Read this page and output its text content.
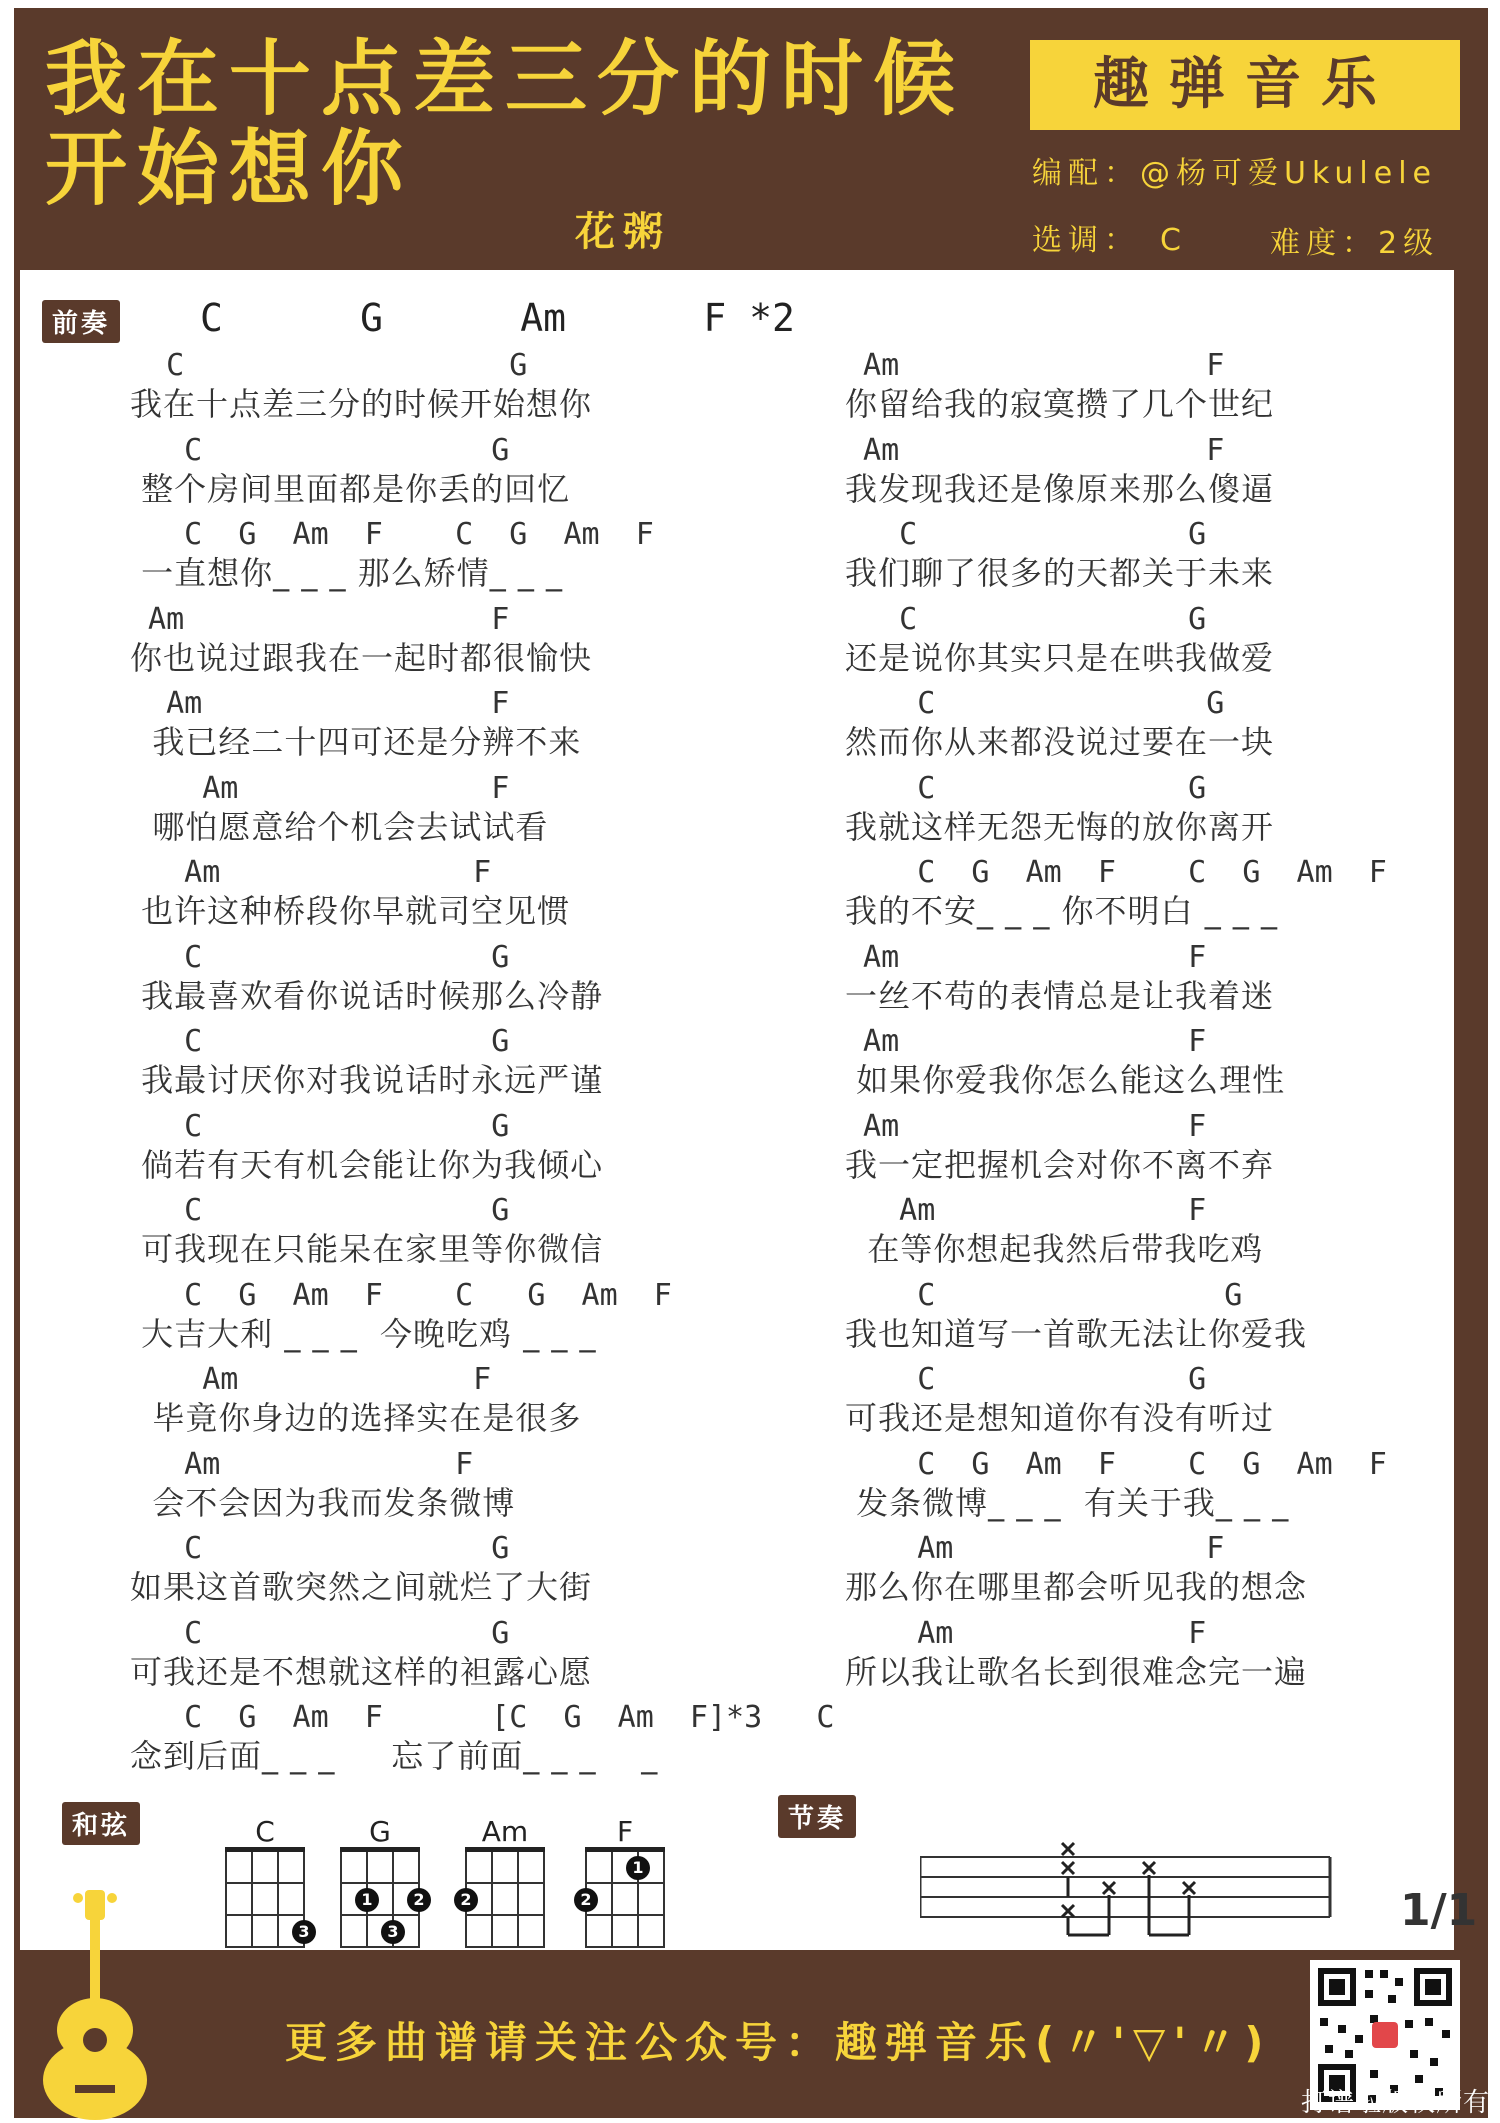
我在十点差三分的时候
开始想你
花粥
趣弹音乐
编配：@杨可爱Ukulele
选调： C	难度：2级
前奏 C      G      Am      F *2
C                  G
我在十点差三分的时候开始想你
C                G
整个房间里面都是你丢的回忆
C  G  Am  F    C  G  Am  F
一直想你_ _ _ 那么矫情_ _ _
Am                 F
你也说过跟我在一起时都很愉快
Am                F
我已经二十四可还是分辨不来
Am              F
哪怕愿意给个机会去试试看
Am              F
也许这种桥段你早就司空见惯
C                G
我最喜欢看你说话时候那么冷静
C                G
我最讨厌你对我说话时永远严谨
C                G
倘若有天有机会能让你为我倾心
C                G
可我现在只能呆在家里等你微信
C  G  Am  F    C   G  Am  F
大吉大利 _ _ _  今晚吃鸡 _ _ _
Am             F
毕竟你身边的选择实在是很多
Am             F
会不会因为我而发条微博
C                G
如果这首歌突然之间就烂了大街
C                G
可我还是不想就这样的袒露心愿
C  G  Am  F      [C  G  Am  F]*3   C
念到后面_ _ _     忘了前面_ _ _    _
Am                 F
你留给我的寂寞攒了几个世纪
Am                 F
我发现我还是像原来那么傻逼
C               G
我们聊了很多的天都关于未来
C               G
还是说你其实只是在哄我做爱
C               G
然而你从来都没说过要在一块
C              G
我就这样无怨无悔的放你离开
C  G  Am  F    C  G  Am  F
我的不安_ _ _ 你不明白 _ _ _
Am                F
一丝不苟的表情总是让我着迷
Am                F
如果你爱我你怎么能这么理性
Am                F
我一定把握机会对你不离不弃
Am              F
在等你想起我然后带我吃鸡
C                G
我也知道写一首歌无法让你爱我
C              G
可我还是想知道你有没有听过
C  G  Am  F    C  G  Am  F
发条微博_ _ _  有关于我_ _ _
Am              F
那么你在哪里都会听见我的想念
Am             F
所以我让歌名长到很难念完一遍
和弦	C
3
G
1	2
3
Am
2
F
1
2
节奏
1/1
更多曲谱请关注公众号：趣弹音乐(〃'▽'〃)
打谱啦版权所有
